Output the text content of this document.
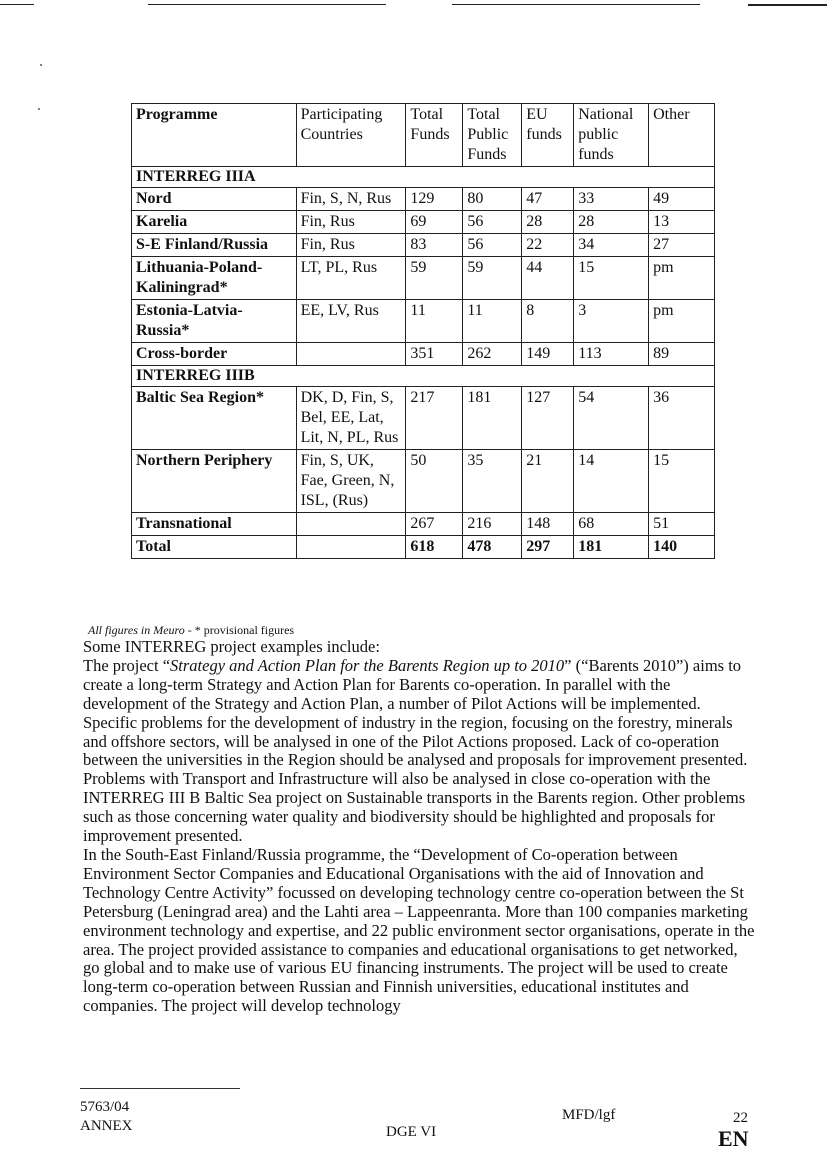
Programme	Participating Countries	Total Funds	Total Public Funds	EU funds	National public funds	Other
INTERREG IIIA						
Nord	Fin, S, N, Rus	129	80	47	33	49
Karelia	Fin, Rus	69	56	28	28	13
S-E Finland/Russia	Fin, Rus	83	56	22	34	27
Lithuania-Poland-Kaliningrad*	LT, PL, Rus	59	59	44	15	pm
Estonia-Latvia-Russia*	EE, LV, Rus	11	11	8	3	pm
Cross-border		351	262	149	113	89
INTERREG IIIB						
Baltic Sea Region*	DK, D, Fin, S, Bel, EE, Lat, Lit, N, PL, Rus	217	181	127	54	36
Northern Periphery	Fin, S, UK, Fae, Green, N, ISL, (Rus)	50	35	21	14	15
Transnational		267	216	148	68	51
Total		618	478	297	181	140
All figures in Meuro - * provisional figures

Some INTERREG project examples include:

The project “Strategy and Action Plan for the Barents Region up to 2010” (“Barents 2010”) aims to create a long-term Strategy and Action Plan for Barents co-operation. In parallel with the development of the Strategy and Action Plan, a number of Pilot Actions will be implemented. Specific problems for the development of industry in the region, focusing on the forestry, minerals and offshore sectors, will be analysed in one of the Pilot Actions proposed. Lack of co-operation between the universities in the Region should be analysed and proposals for improvement presented. Problems with Transport and Infrastructure will also be analysed in close co-operation with the INTERREG III B Baltic Sea project on Sustainable transports in the Barents region. Other problems such as those concerning water quality and biodiversity should be highlighted and proposals for improvement presented.

In the South-East Finland/Russia programme, the “Development of Co-operation between Environment Sector Companies and Educational Organisations with the aid of Innovation and Technology Centre Activity” focussed on developing technology centre co-operation between the St Petersburg (Leningrad area) and the Lahti area – Lappeenranta. More than 100 companies marketing environment technology and expertise, and 22 public environment sector organisations, operate in the area. The project provided assistance to companies and educational organisations to get networked, go global and to make use of various EU financing instruments. The project will be used to create long-term co-operation between Russian and Finnish universities, educational institutes and companies. The project will develop technology

5763/04
ANNEX	DGE VI
MFD/lgf	22
EN
